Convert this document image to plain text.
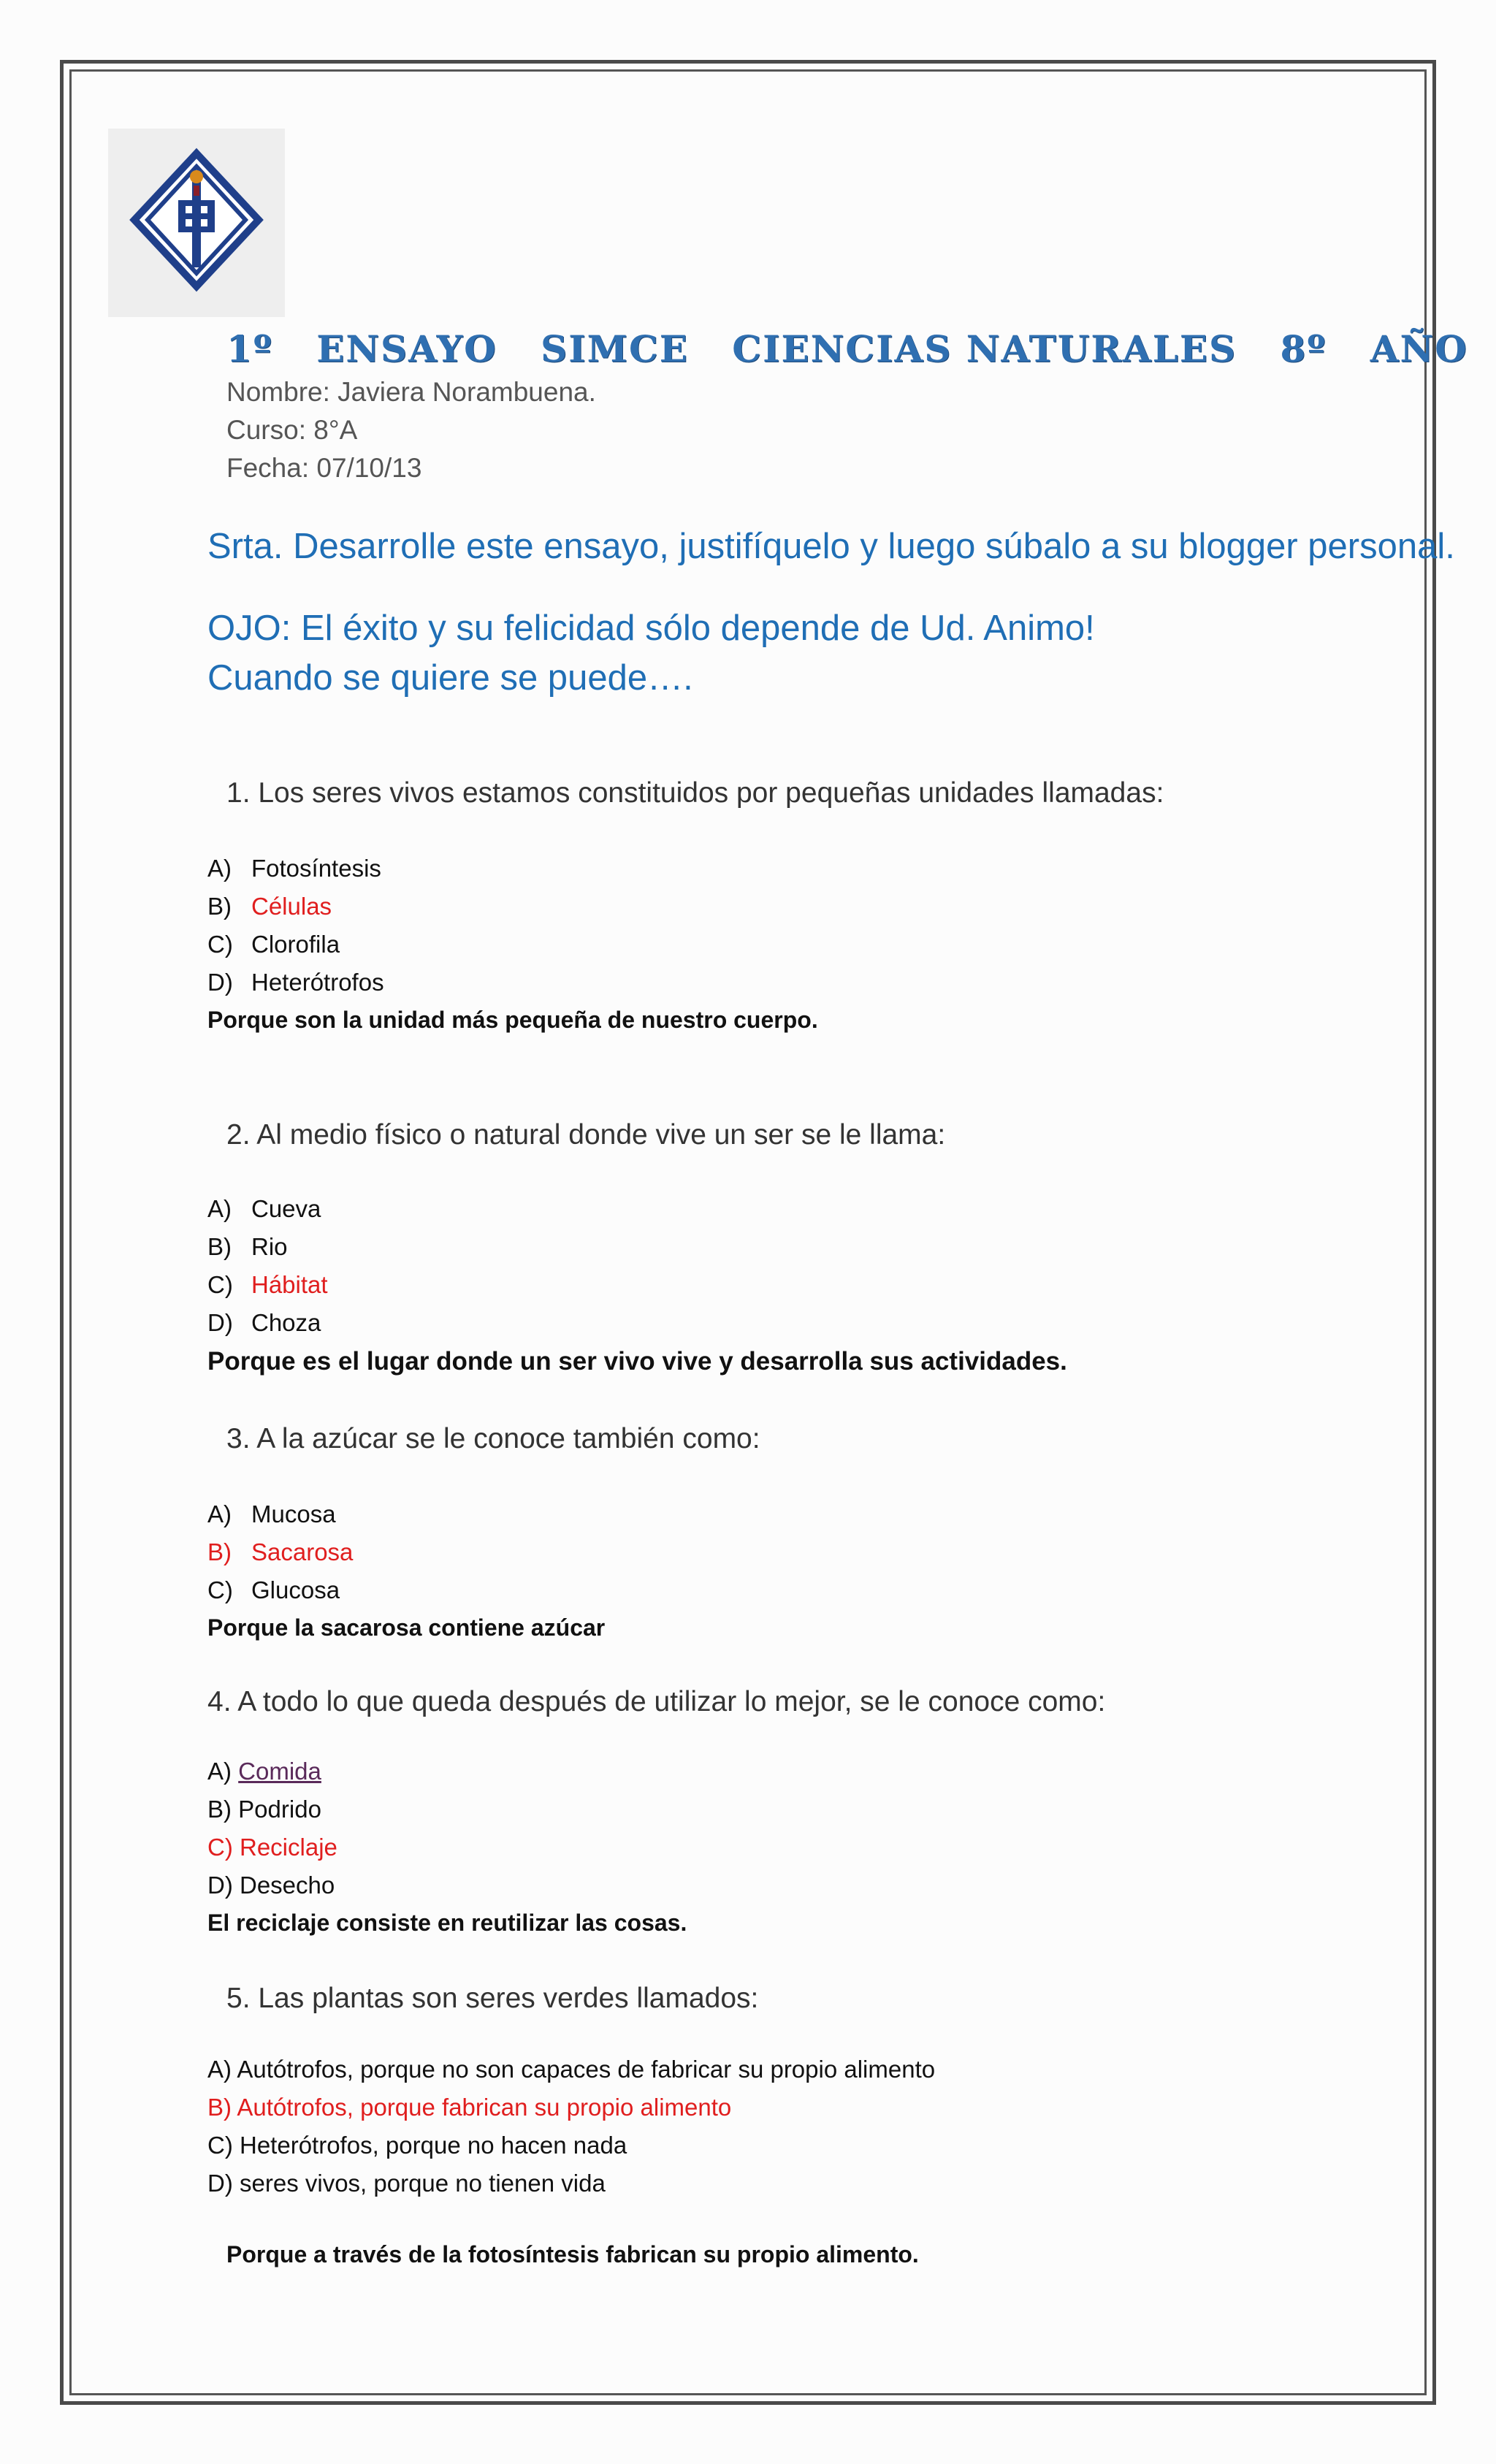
1º ENSAYO SIMCE CIENCIAS NATURALES 8º AÑO
Nombre: Javiera Norambuena.
Curso: 8°A
Fecha: 07/10/13
Srta. Desarrolle este ensayo, justifíquelo y luego súbalo a su blogger personal.
OJO: El éxito y su felicidad sólo depende de Ud. Animo!
Cuando se quiere se puede….
1. Los seres vivos estamos constituidos por pequeñas unidades llamadas:
A) Fotosíntesis
B) Células
C) Clorofila
D) Heterótrofos
Porque son la unidad más pequeña de nuestro cuerpo.
2. Al medio físico o natural donde vive un ser se le llama:
A) Cueva
B) Rio
C) Hábitat
D) Choza
Porque es el lugar donde un ser vivo vive y desarrolla sus actividades.
3. A la azúcar se le conoce también como:
A) Mucosa
B) Sacarosa
C) Glucosa
Porque la sacarosa contiene azúcar
4. A todo lo que queda después de utilizar lo mejor, se le conoce como:
A) Comida
B) Podrido
C) Reciclaje
D) Desecho
El reciclaje consiste en reutilizar las cosas.
5. Las plantas son seres verdes llamados:
A) Autótrofos, porque no son capaces de fabricar su propio alimento
B) Autótrofos, porque fabrican su propio alimento
C) Heterótrofos, porque no hacen nada
D) seres vivos, porque no tienen vida
Porque a través de la fotosíntesis fabrican su propio alimento.
